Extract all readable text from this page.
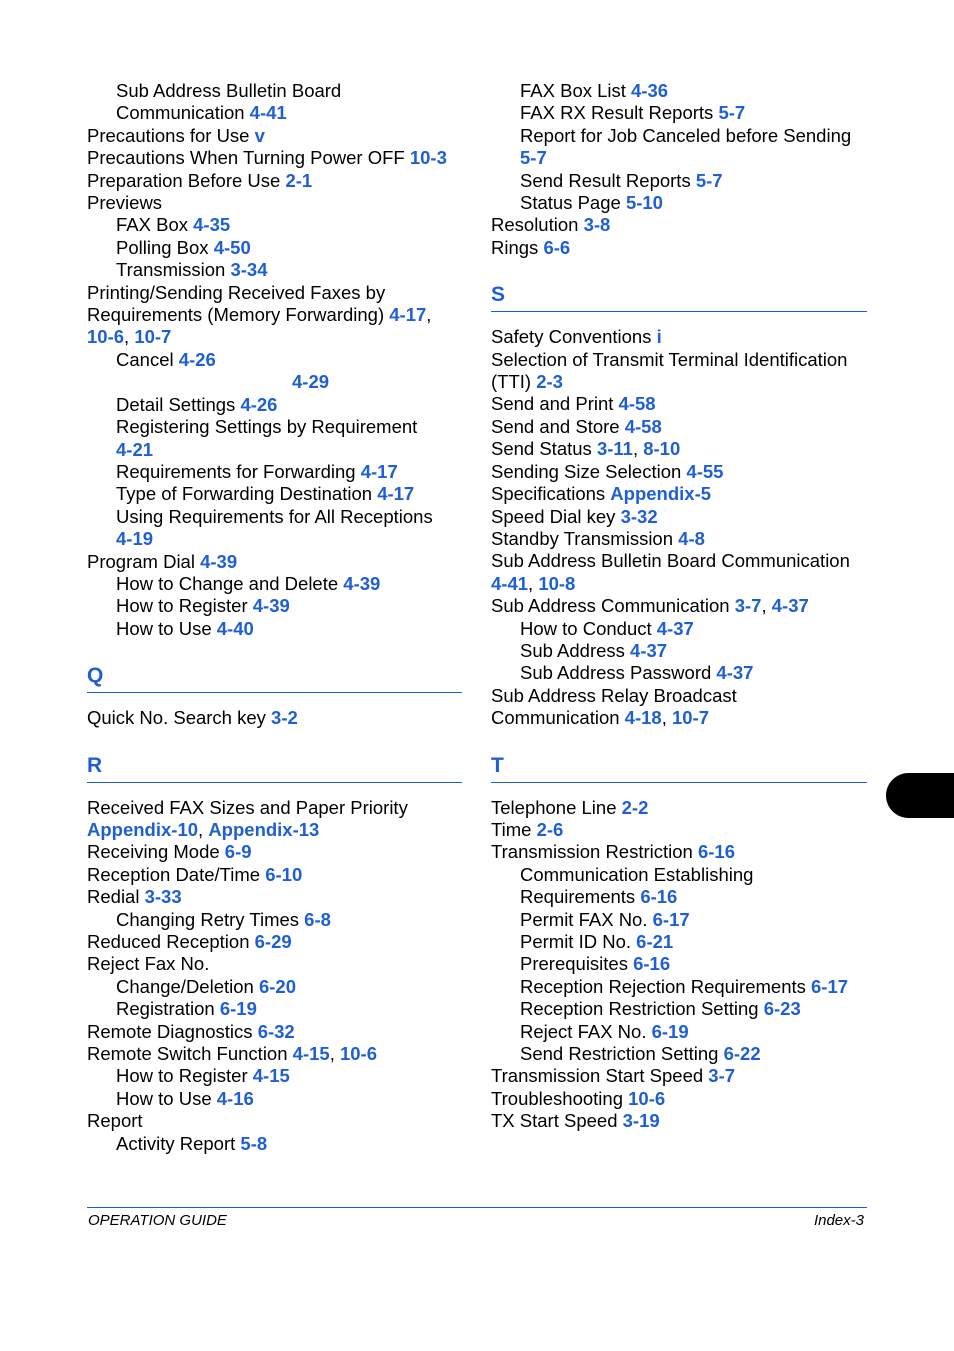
Sub Address Bulletin Board
Communication 4-41
Precautions for Use v
Precautions When Turning Power OFF 10-3
Preparation Before Use 2-1
Previews
FAX Box 4-35
Polling Box 4-50
Transmission 3-34
Printing/Sending Received Faxes by
Requirements (Memory Forwarding) 4-17,
10-6, 10-7
Cancel 4-26
4-29
Detail Settings 4-26
Registering Settings by Requirement
4-21
Requirements for Forwarding 4-17
Type of Forwarding Destination 4-17
Using Requirements for All Receptions
4-19
Program Dial 4-39
How to Change and Delete 4-39
How to Register 4-39
How to Use 4-40
Q
Quick No. Search key 3-2
R
Received FAX Sizes and Paper Priority
Appendix-10, Appendix-13
Receiving Mode 6-9
Reception Date/Time 6-10
Redial 3-33
Changing Retry Times 6-8
Reduced Reception 6-29
Reject Fax No.
Change/Deletion 6-20
Registration 6-19
Remote Diagnostics 6-32
Remote Switch Function 4-15, 10-6
How to Register 4-15
How to Use 4-16
Report
Activity Report 5-8
FAX Box List 4-36
FAX RX Result Reports 5-7
Report for Job Canceled before Sending
5-7
Send Result Reports 5-7
Status Page 5-10
Resolution 3-8
Rings 6-6
S
Safety Conventions i
Selection of Transmit Terminal Identification
(TTI) 2-3
Send and Print 4-58
Send and Store 4-58
Send Status 3-11, 8-10
Sending Size Selection 4-55
Specifications Appendix-5
Speed Dial key 3-32
Standby Transmission 4-8
Sub Address Bulletin Board Communication
4-41, 10-8
Sub Address Communication 3-7, 4-37
How to Conduct 4-37
Sub Address 4-37
Sub Address Password 4-37
Sub Address Relay Broadcast
Communication 4-18, 10-7
T
Telephone Line 2-2
Time 2-6
Transmission Restriction 6-16
Communication Establishing
Requirements 6-16
Permit FAX No. 6-17
Permit ID No. 6-21
Prerequisites 6-16
Reception Rejection Requirements 6-17
Reception Restriction Setting 6-23
Reject FAX No. 6-19
Send Restriction Setting 6-22
Transmission Start Speed 3-7
Troubleshooting 10-6
TX Start Speed 3-19
OPERATION GUIDE	Index-3
